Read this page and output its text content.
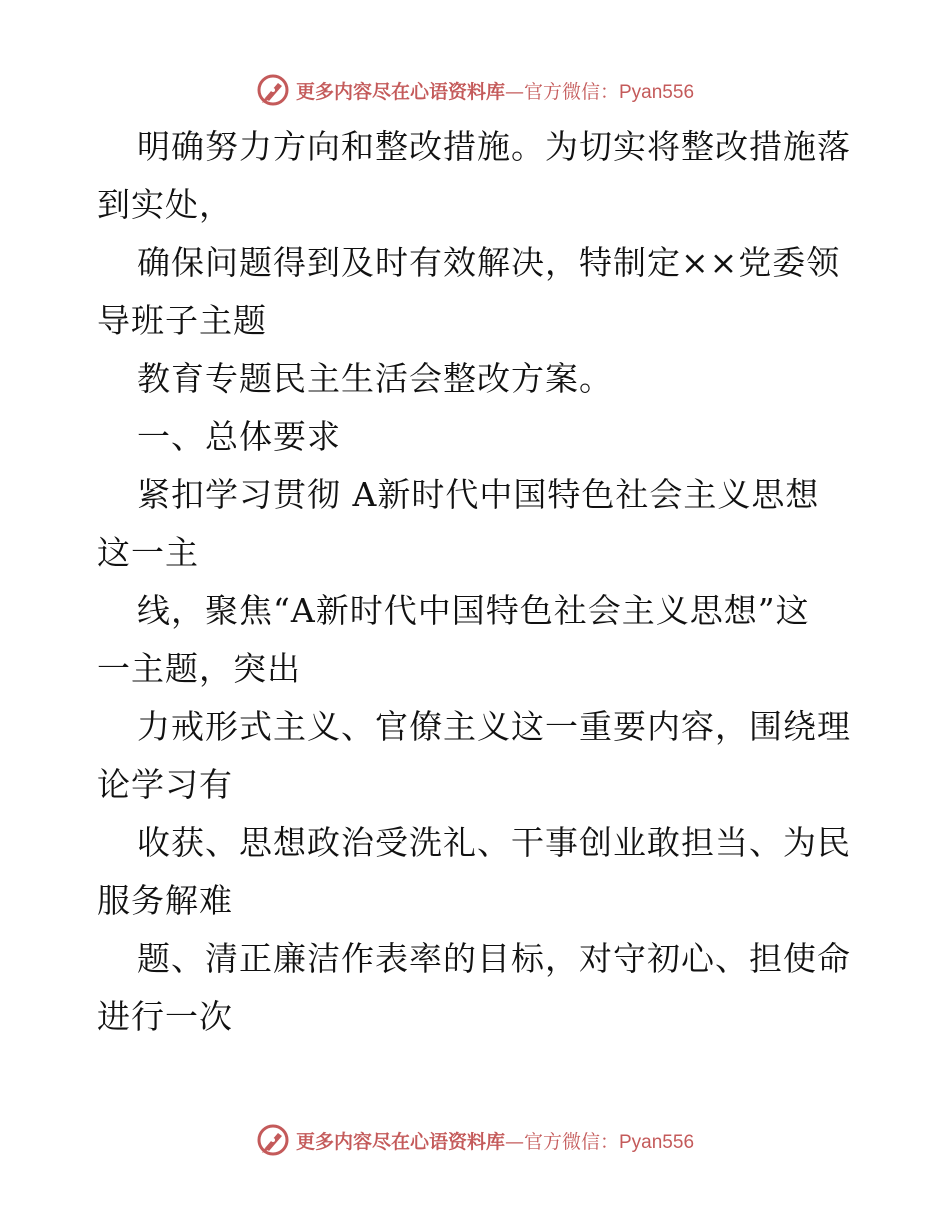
更多内容尽在心语资料库—官方微信：Pyan556
明确努力方向和整改措施。为切实将整改措施落
到实处，
确保问题得到及时有效解决，特制定××党委领
导班子主题
教育专题民主生活会整改方案。
一、总体要求
紧扣学习贯彻 A新时代中国特色社会主义思想
这一主
线，聚焦“A新时代中国特色社会主义思想”这
一主题，突出
力戒形式主义、官僚主义这一重要内容，围绕理
论学习有
收获、思想政治受洗礼、干事创业敢担当、为民
服务解难
题、清正廉洁作表率的目标，对守初心、担使命
进行一次
更多内容尽在心语资料库—官方微信：Pyan556
